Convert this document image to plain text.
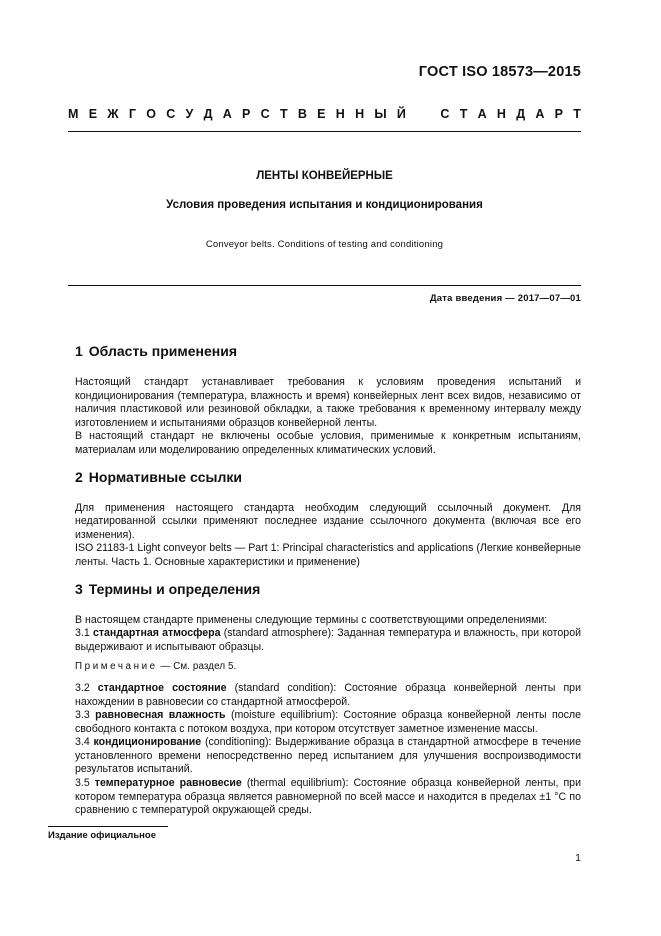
ГОСТ ISO 18573—2015
М Е Ж Г О С У Д А Р С Т В Е Н Н Ы Й	С Т А Н Д А Р Т
ЛЕНТЫ КОНВЕЙЕРНЫЕ
Условия проведения испытания и кондиционирования
Conveyor belts. Conditions of testing and conditioning
Дата введения — 2017—07—01
1 Область применения

Настоящий стандарт устанавливает требования к условиям проведения испытаний и кондиционирования (температура, влажность и время) конвейерных лент всех видов, независимо от наличия пластиковой или резиновой обкладки, а также требования к временному интервалу между изготовлением и испытаниями образцов конвейерной ленты.

В настоящий стандарт не включены особые условия, применимые к конкретным испытаниям, материалам или моделированию определенных климатических условий.

2 Нормативные ссылки

Для применения настоящего стандарта необходим следующий ссылочный документ. Для недатированной ссылки применяют последнее издание ссылочного документа (включая все его изменения).

ISO 21183-1 Light conveyor belts — Part 1: Principal characteristics and applications (Легкие конвейерные ленты. Часть 1. Основные характеристики и применение)

3 Термины и определения

В настоящем стандарте применены следующие термины с соответствующими определениями:

3.1 стандартная атмосфера (standard atmosphere): Заданная температура и влажность, при которой выдерживают и испытывают образцы.

Примечание — См. раздел 5.

3.2 стандартное состояние (standard condition): Состояние образца конвейерной ленты при нахождении в равновесии со стандартной атмосферой.

3.3 равновесная влажность (moisture equilibrium): Состояние образца конвейерной ленты после свободного контакта с потоком воздуха, при котором отсутствует заметное изменение массы.

3.4 кондиционирование (conditioning): Выдерживание образца в стандартной атмосфере в течение установленного времени непосредственно перед испытанием для улучшения воспроизводимости результатов испытаний.

3.5 температурное равновесие (thermal equilibrium): Состояние образца конвейерной ленты, при котором температура образца является равномерной по всей массе и находится в пределах ±1 °С по сравнению с температурой окружающей среды.

Издание официальное
1
